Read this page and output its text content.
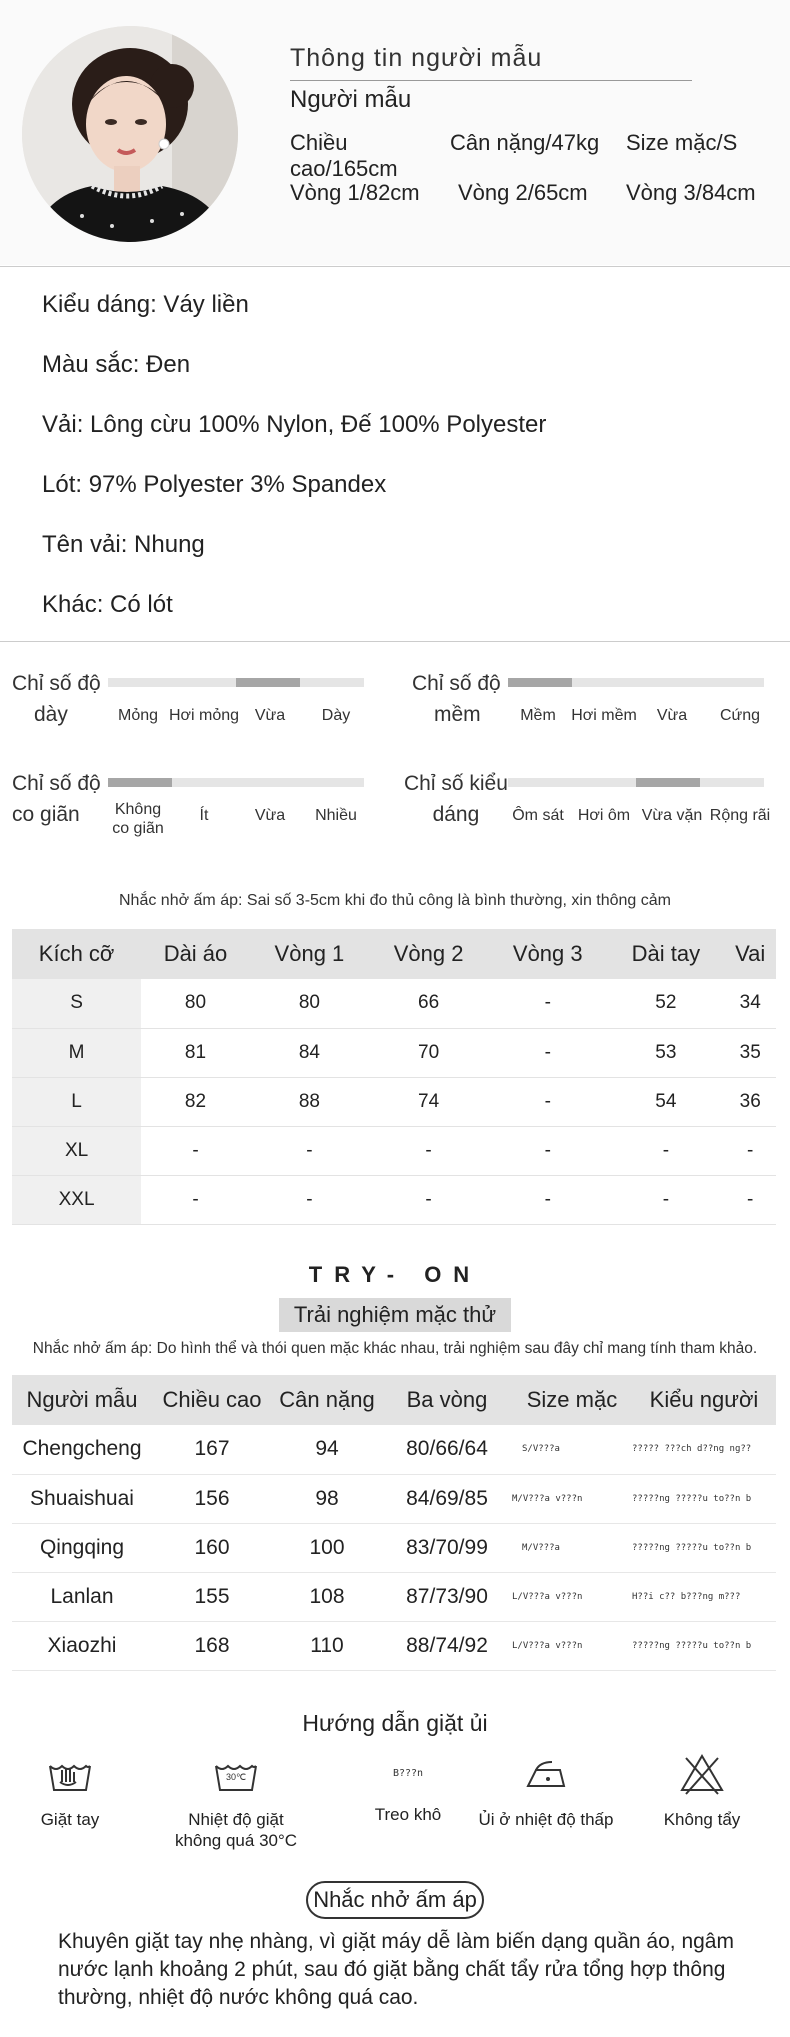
Thông tin người mẫu
Người mẫu
Chiều cao/165cm
Cân nặng/47kg	Size mặc/S
Vòng 1/82cm	Vòng 2/65cm	Vòng 3/84cm
Kiểu dáng: Váy liền
Màu sắc: Đen
Vải: Lông cừu 100% Nylon, Đế 100% Polyester
Lót: 97% Polyester 3% Spandex
Tên vải: Nhung
Khác: Có lót
Chỉ số độ
dày	Mỏng Hơi mỏng Vừa Dày
Chỉ số độ
mềm	Mềm Hơi mềm Vừa Cứng
Chỉ số độ
co giãn	Không
co giãn
Ít	Vừa Nhiều
Chỉ số kiểu
dáng	Ôm sát Hơi ôm Vừa vặn Rộng rãi
Nhắc nhở ấm áp: Sai số 3-5cm khi đo thủ công là bình thường, xin thông cảm
Kích cỡ	Dài áo	Vòng 1	Vòng 2	Vòng 3	Dài tay	Vai
S	80	80	66	-	52	34
M	81	84	70	-	53	35
L	82	88	74	-	54	36
XL	-	-	-	-	-	-
XXL	-	-	-	-	-	-
TRY- ON
Trải nghiệm mặc thử
Nhắc nhở ấm áp: Do hình thể và thói quen mặc khác nhau, trải nghiệm sau đây chỉ mang tính tham khảo.
Người mẫu	Chiều cao	Cân nặng	Ba vòng	Size mặc	Kiểu người
Chengcheng	167	94	80/66/64	S/V???a	????? ???ch d??ng ng??
Shuaishuai	156	98	84/69/85	M/V???a v???n	?????ng ?????u to??n b
Qingqing	160	100	83/70/99	M/V???a	?????ng ?????u to??n b
Lanlan	155	108	87/73/90	L/V???a v???n	H??i c?? b???ng m???
Xiaozhi	168	110	88/74/92	L/V???a v???n	?????ng ?????u to??n b
Hướng dẫn giặt ủi
Giặt tay
30℃
Nhiệt độ giặt
không quá 30°C
B???n
Treo khô	Ủi ở nhiệt độ thấp	Không tẩy
Nhắc nhở ấm áp
Khuyên giặt tay nhẹ nhàng, vì giặt máy dễ làm biến dạng quần áo, ngâm nước lạnh khoảng 2 phút, sau đó giặt bằng chất tẩy rửa tổng hợp thông thường, nhiệt độ nước không quá cao.
